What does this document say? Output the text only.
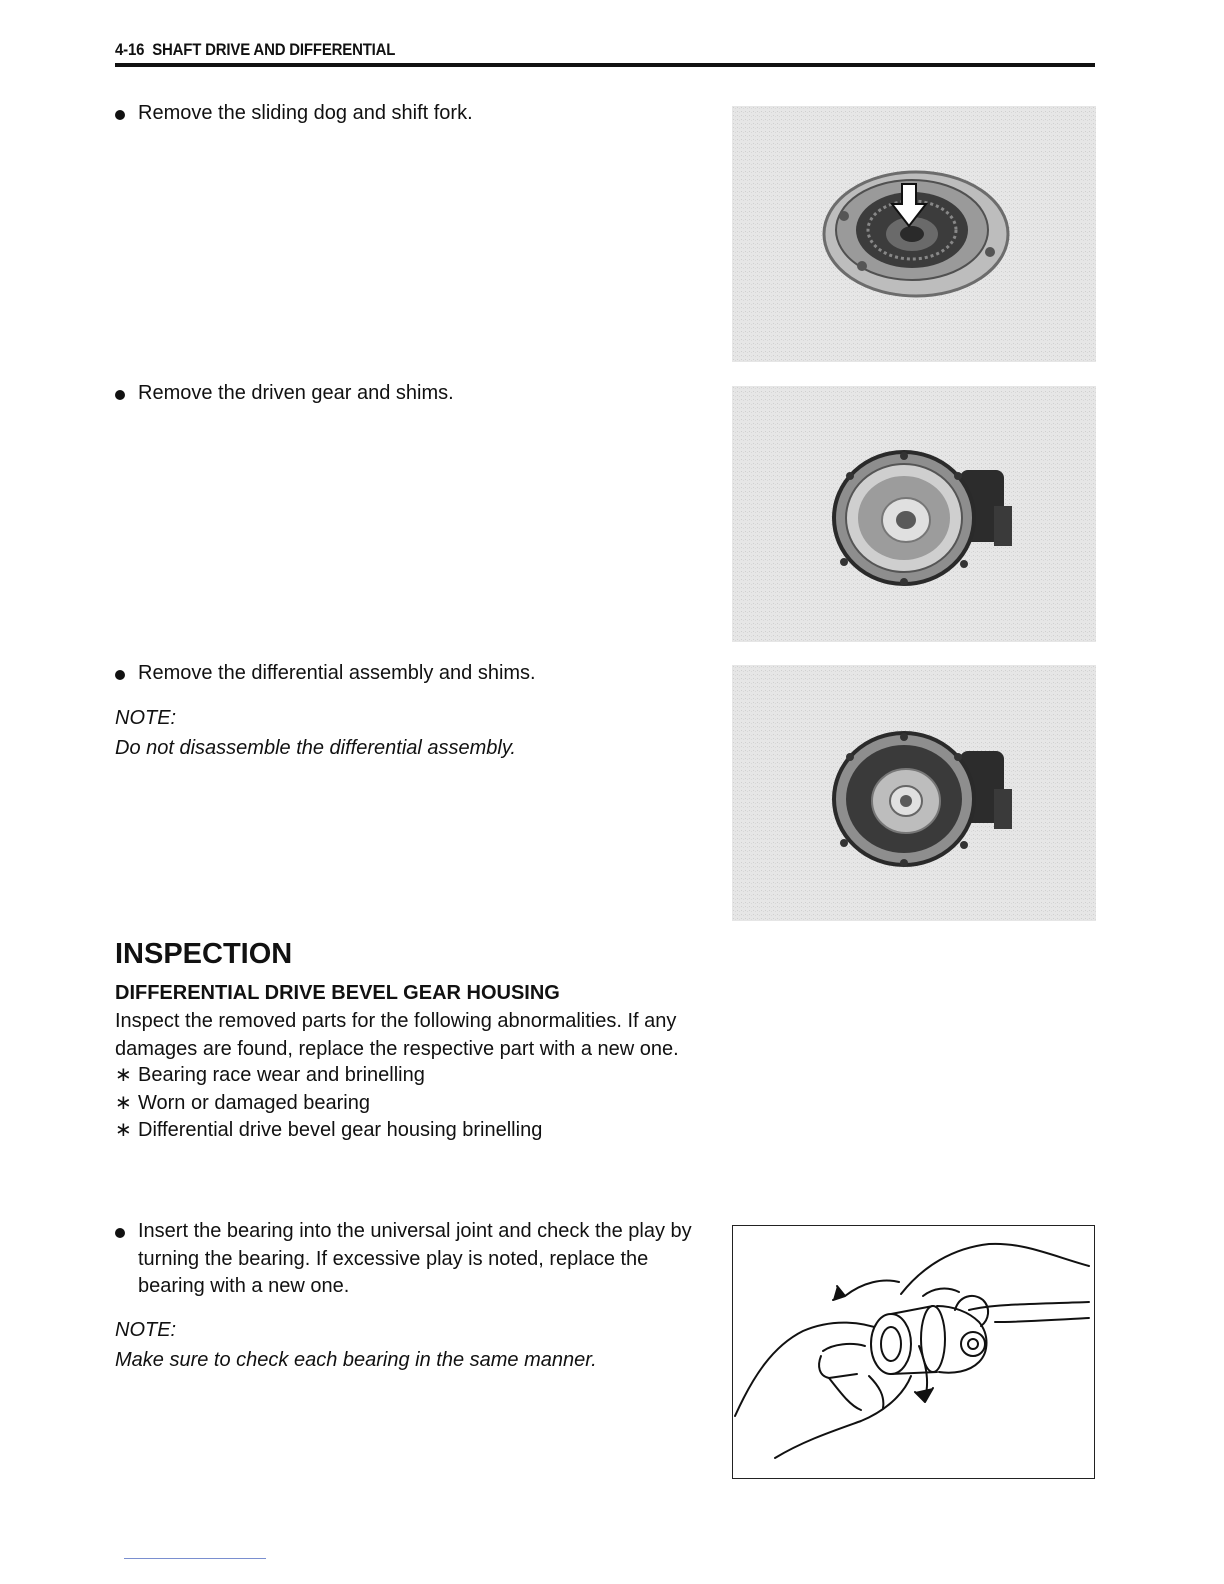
4-16 SHAFT DRIVE AND DIFFERENTIAL
Remove the sliding dog and shift fork.
Remove the driven gear and shims.
Remove the differential assembly and shims.
NOTE:
Do not disassemble the differential assembly.
INSPECTION
DIFFERENTIAL DRIVE BEVEL GEAR HOUSING
Inspect the removed parts for the following abnormalities. If any damages are found, replace the respective part with a new one.
∗ Bearing race wear and brinelling
∗ Worn or damaged bearing
∗ Differential drive bevel gear housing brinelling
Insert the bearing into the universal joint and check the play by turning the bearing. If excessive play is noted, replace the bearing with a new one.
NOTE:
Make sure to check each bearing in the same manner.
